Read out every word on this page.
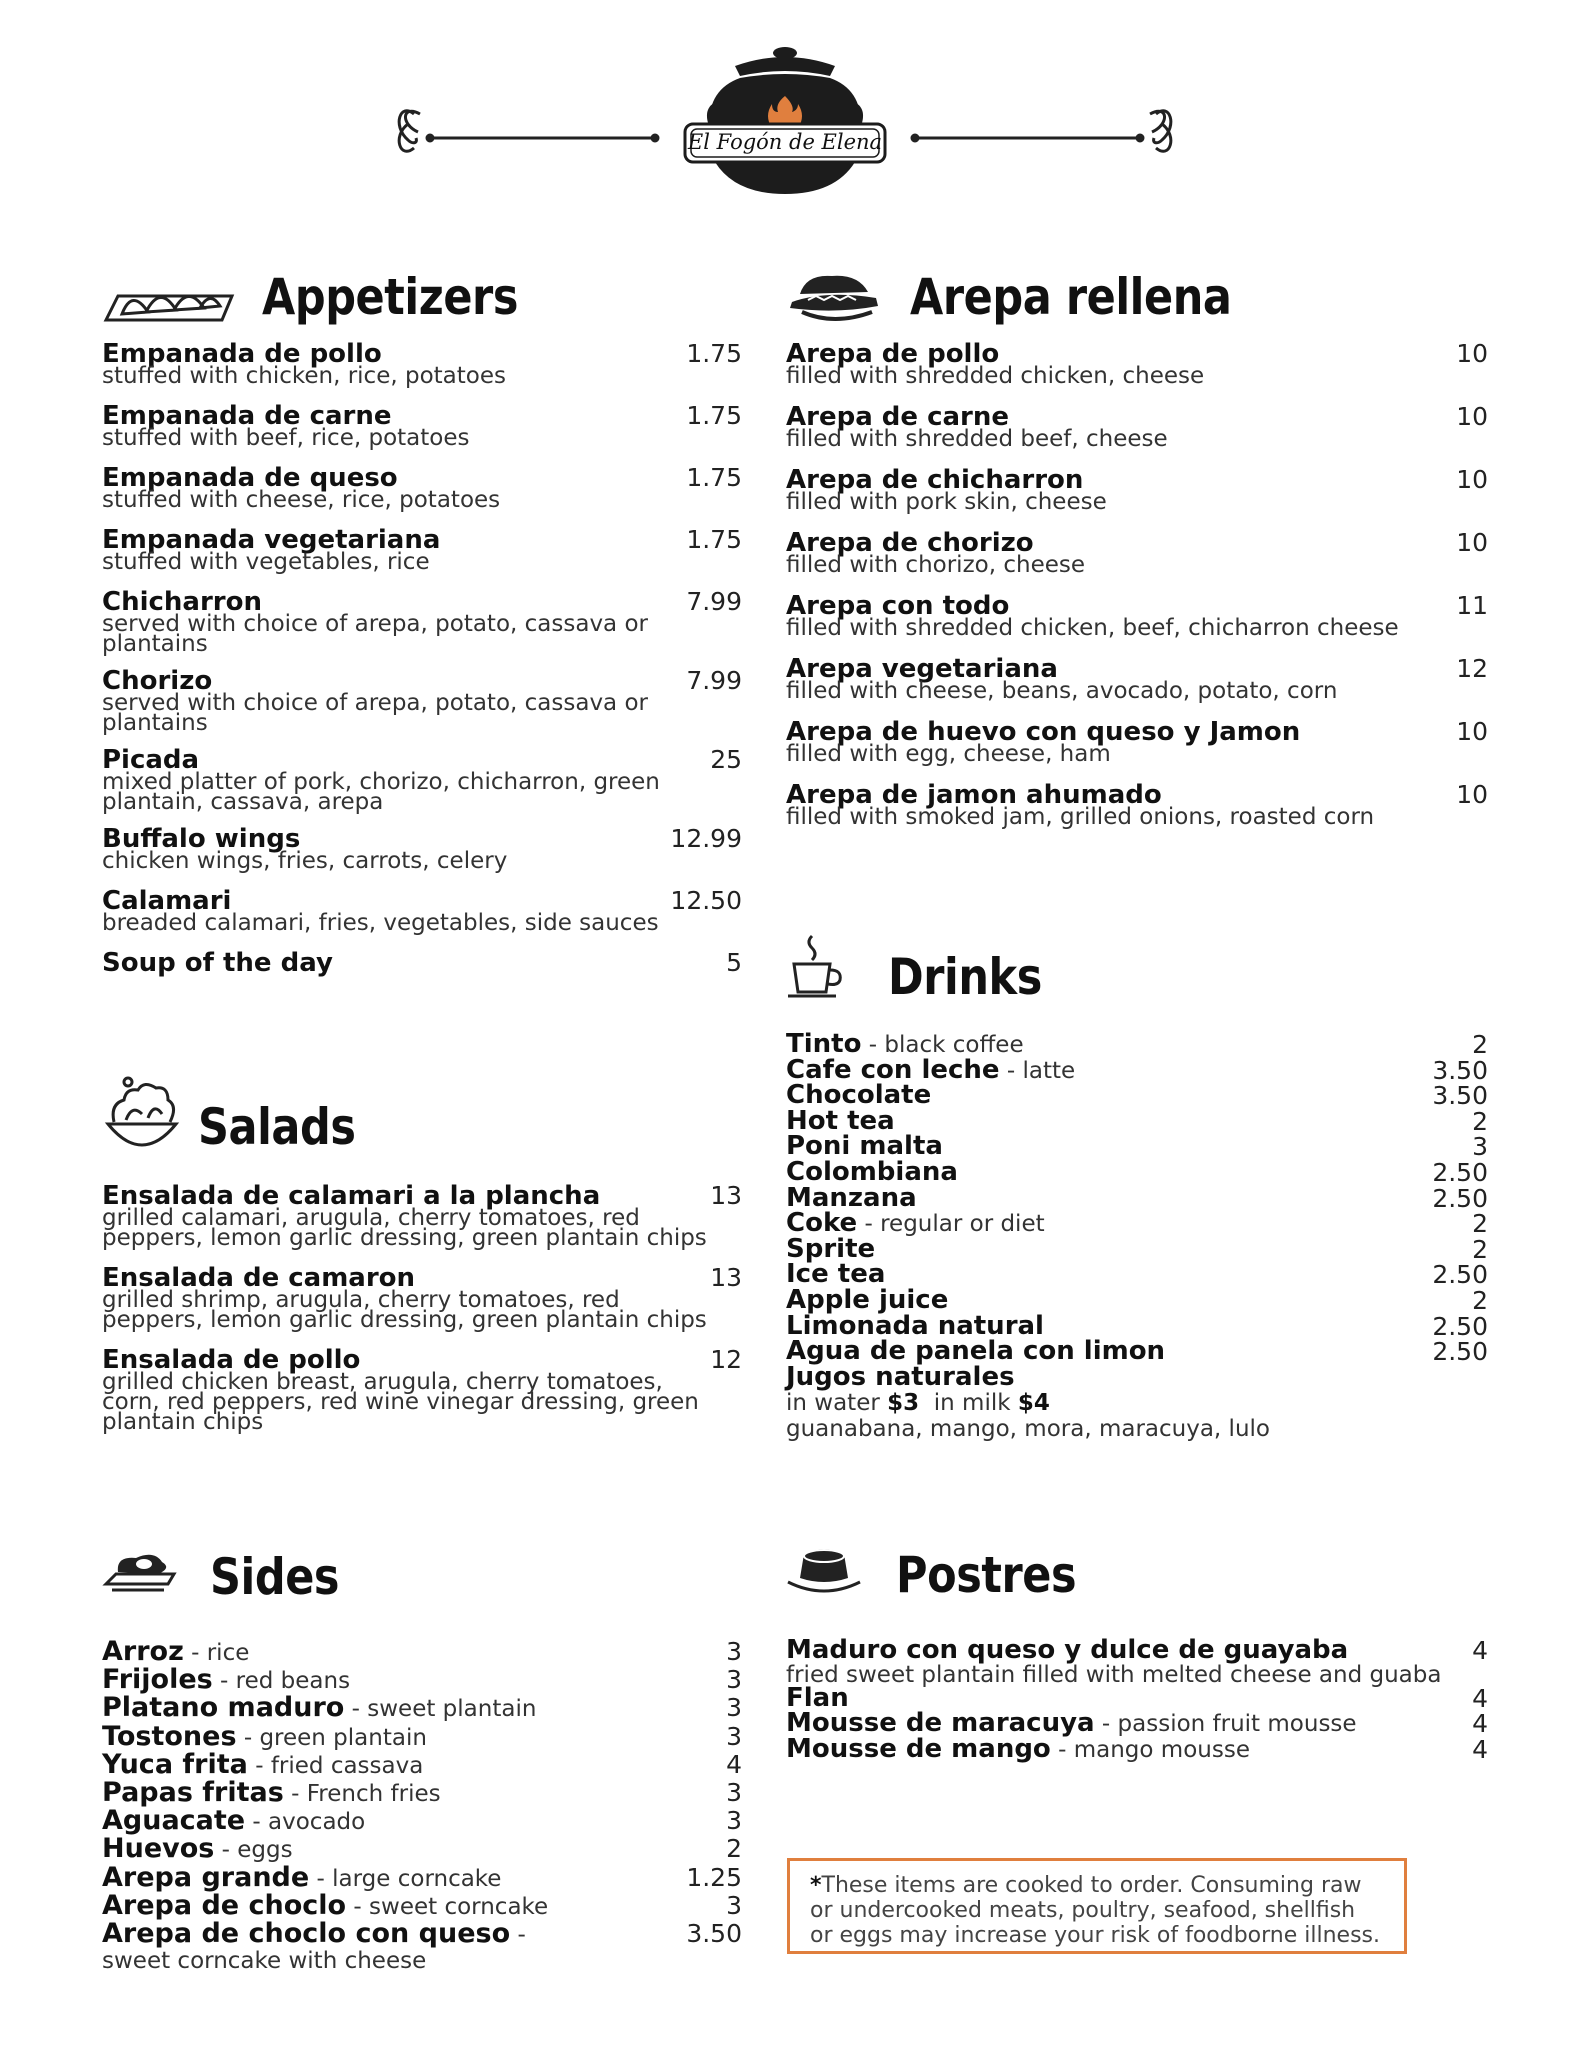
El Fogón de Elena
Appetizers
Empanada de pollo
stuffed with chicken, rice, potatoes
1.75
Empanada de carne
stuffed with beef, rice, potatoes
1.75
Empanada de queso
stuffed with cheese, rice, potatoes
1.75
Empanada vegetariana
stuffed with vegetables, rice
1.75
Chicharron
served with choice of arepa, potato, cassava or plantains
7.99
Chorizo
served with choice of arepa, potato, cassava or plantains
7.99
Picada
mixed platter of pork, chorizo, chicharron, green plantain, cassava, arepa
25
Buffalo wings
chicken wings, fries, carrots, celery
12.99
Calamari
breaded calamari, fries, vegetables, side sauces
12.50
Soup of the day	5
Salads
Ensalada de calamari a la plancha
grilled calamari, arugula, cherry tomatoes, red peppers, lemon garlic dressing, green plantain chips
13
Ensalada de camaron
grilled shrimp, arugula, cherry tomatoes, red peppers, lemon garlic dressing, green plantain chips
13
Ensalada de pollo
grilled chicken breast, arugula, cherry tomatoes, corn, red peppers, red wine vinegar dressing, green plantain chips
12
Sides
Arroz - rice	3
Frijoles - red beans	3
Platano maduro - sweet plantain	3
Tostones - green plantain	3
Yuca frita - fried cassava	4
Papas fritas - French fries	3
Aguacate - avocado	3
Huevos - eggs	2
Arepa grande - large corncake	1.25
Arepa de choclo - sweet corncake	3
Arepa de choclo con queso -
sweet corncake with cheese
3.50
Arepa rellena
Arepa de pollo
filled with shredded chicken, cheese
10
Arepa de carne
filled with shredded beef, cheese
10
Arepa de chicharron
filled with pork skin, cheese
10
Arepa de chorizo
filled with chorizo, cheese
10
Arepa con todo
filled with shredded chicken, beef, chicharron cheese
11
Arepa vegetariana
filled with cheese, beans, avocado, potato, corn
12
Arepa de huevo con queso y Jamon
filled with egg, cheese, ham
10
Arepa de jamon ahumado
filled with smoked jam, grilled onions, roasted corn
10
Drinks
Tinto - black coffee	2
Cafe con leche - latte	3.50
Chocolate	3.50
Hot tea	2
Poni malta	3
Colombiana	2.50
Manzana	2.50
Coke - regular or diet	2
Sprite	2
Ice tea	2.50
Apple juice	2
Limonada natural	2.50
Agua de panela con limon	2.50
Jugos naturales
in water $3 in milk $4
guanabana, mango, mora, maracuya, lulo
Postres
Maduro con queso y dulce de guayaba	4
fried sweet plantain filled with melted cheese and guaba
Flan	4
Mousse de maracuya - passion fruit mousse	4
Mousse de mango - mango mousse	4
*These items are cooked to order. Consuming raw or undercooked meats, poultry, seafood, shellfish or eggs may increase your risk of foodborne illness.
